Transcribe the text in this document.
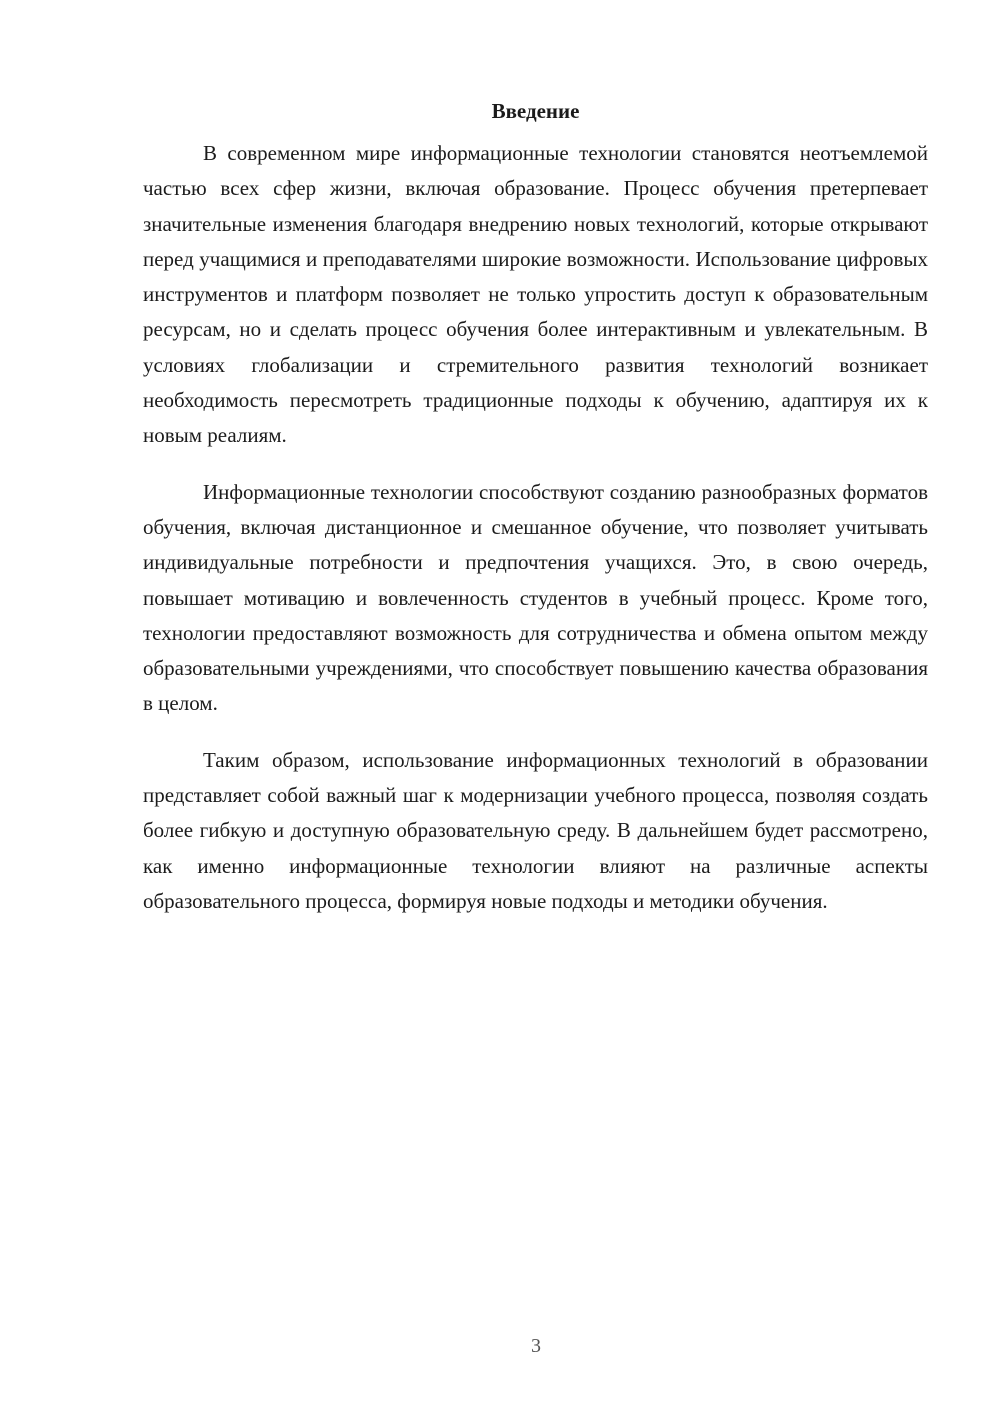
Введение

В современном мире информационные технологии становятся неотъемлемой частью всех сфер жизни, включая образование. Процесс обучения претерпевает значительные изменения благодаря внедрению новых технологий, которые открывают перед учащимися и преподавателями широкие возможности. Использование цифровых инструментов и платформ позволяет не только упростить доступ к образовательным ресурсам, но и сделать процесс обучения более интерактивным и увлекательным. В условиях глобализации и стремительного развития технологий возникает необходимость пересмотреть традиционные подходы к обучению, адаптируя их к новым реалиям.

Информационные технологии способствуют созданию разнообразных форматов обучения, включая дистанционное и смешанное обучение, что позволяет учитывать индивидуальные потребности и предпочтения учащихся. Это, в свою очередь, повышает мотивацию и вовлеченность студентов в учебный процесс. Кроме того, технологии предоставляют возможность для сотрудничества и обмена опытом между образовательными учреждениями, что способствует повышению качества образования в целом.

Таким образом, использование информационных технологий в образовании представляет собой важный шаг к модернизации учебного процесса, позволяя создать более гибкую и доступную образовательную среду. В дальнейшем будет рассмотрено, как именно информационные технологии влияют на различные аспекты образовательного процесса, формируя новые подходы и методики обучения.

3
